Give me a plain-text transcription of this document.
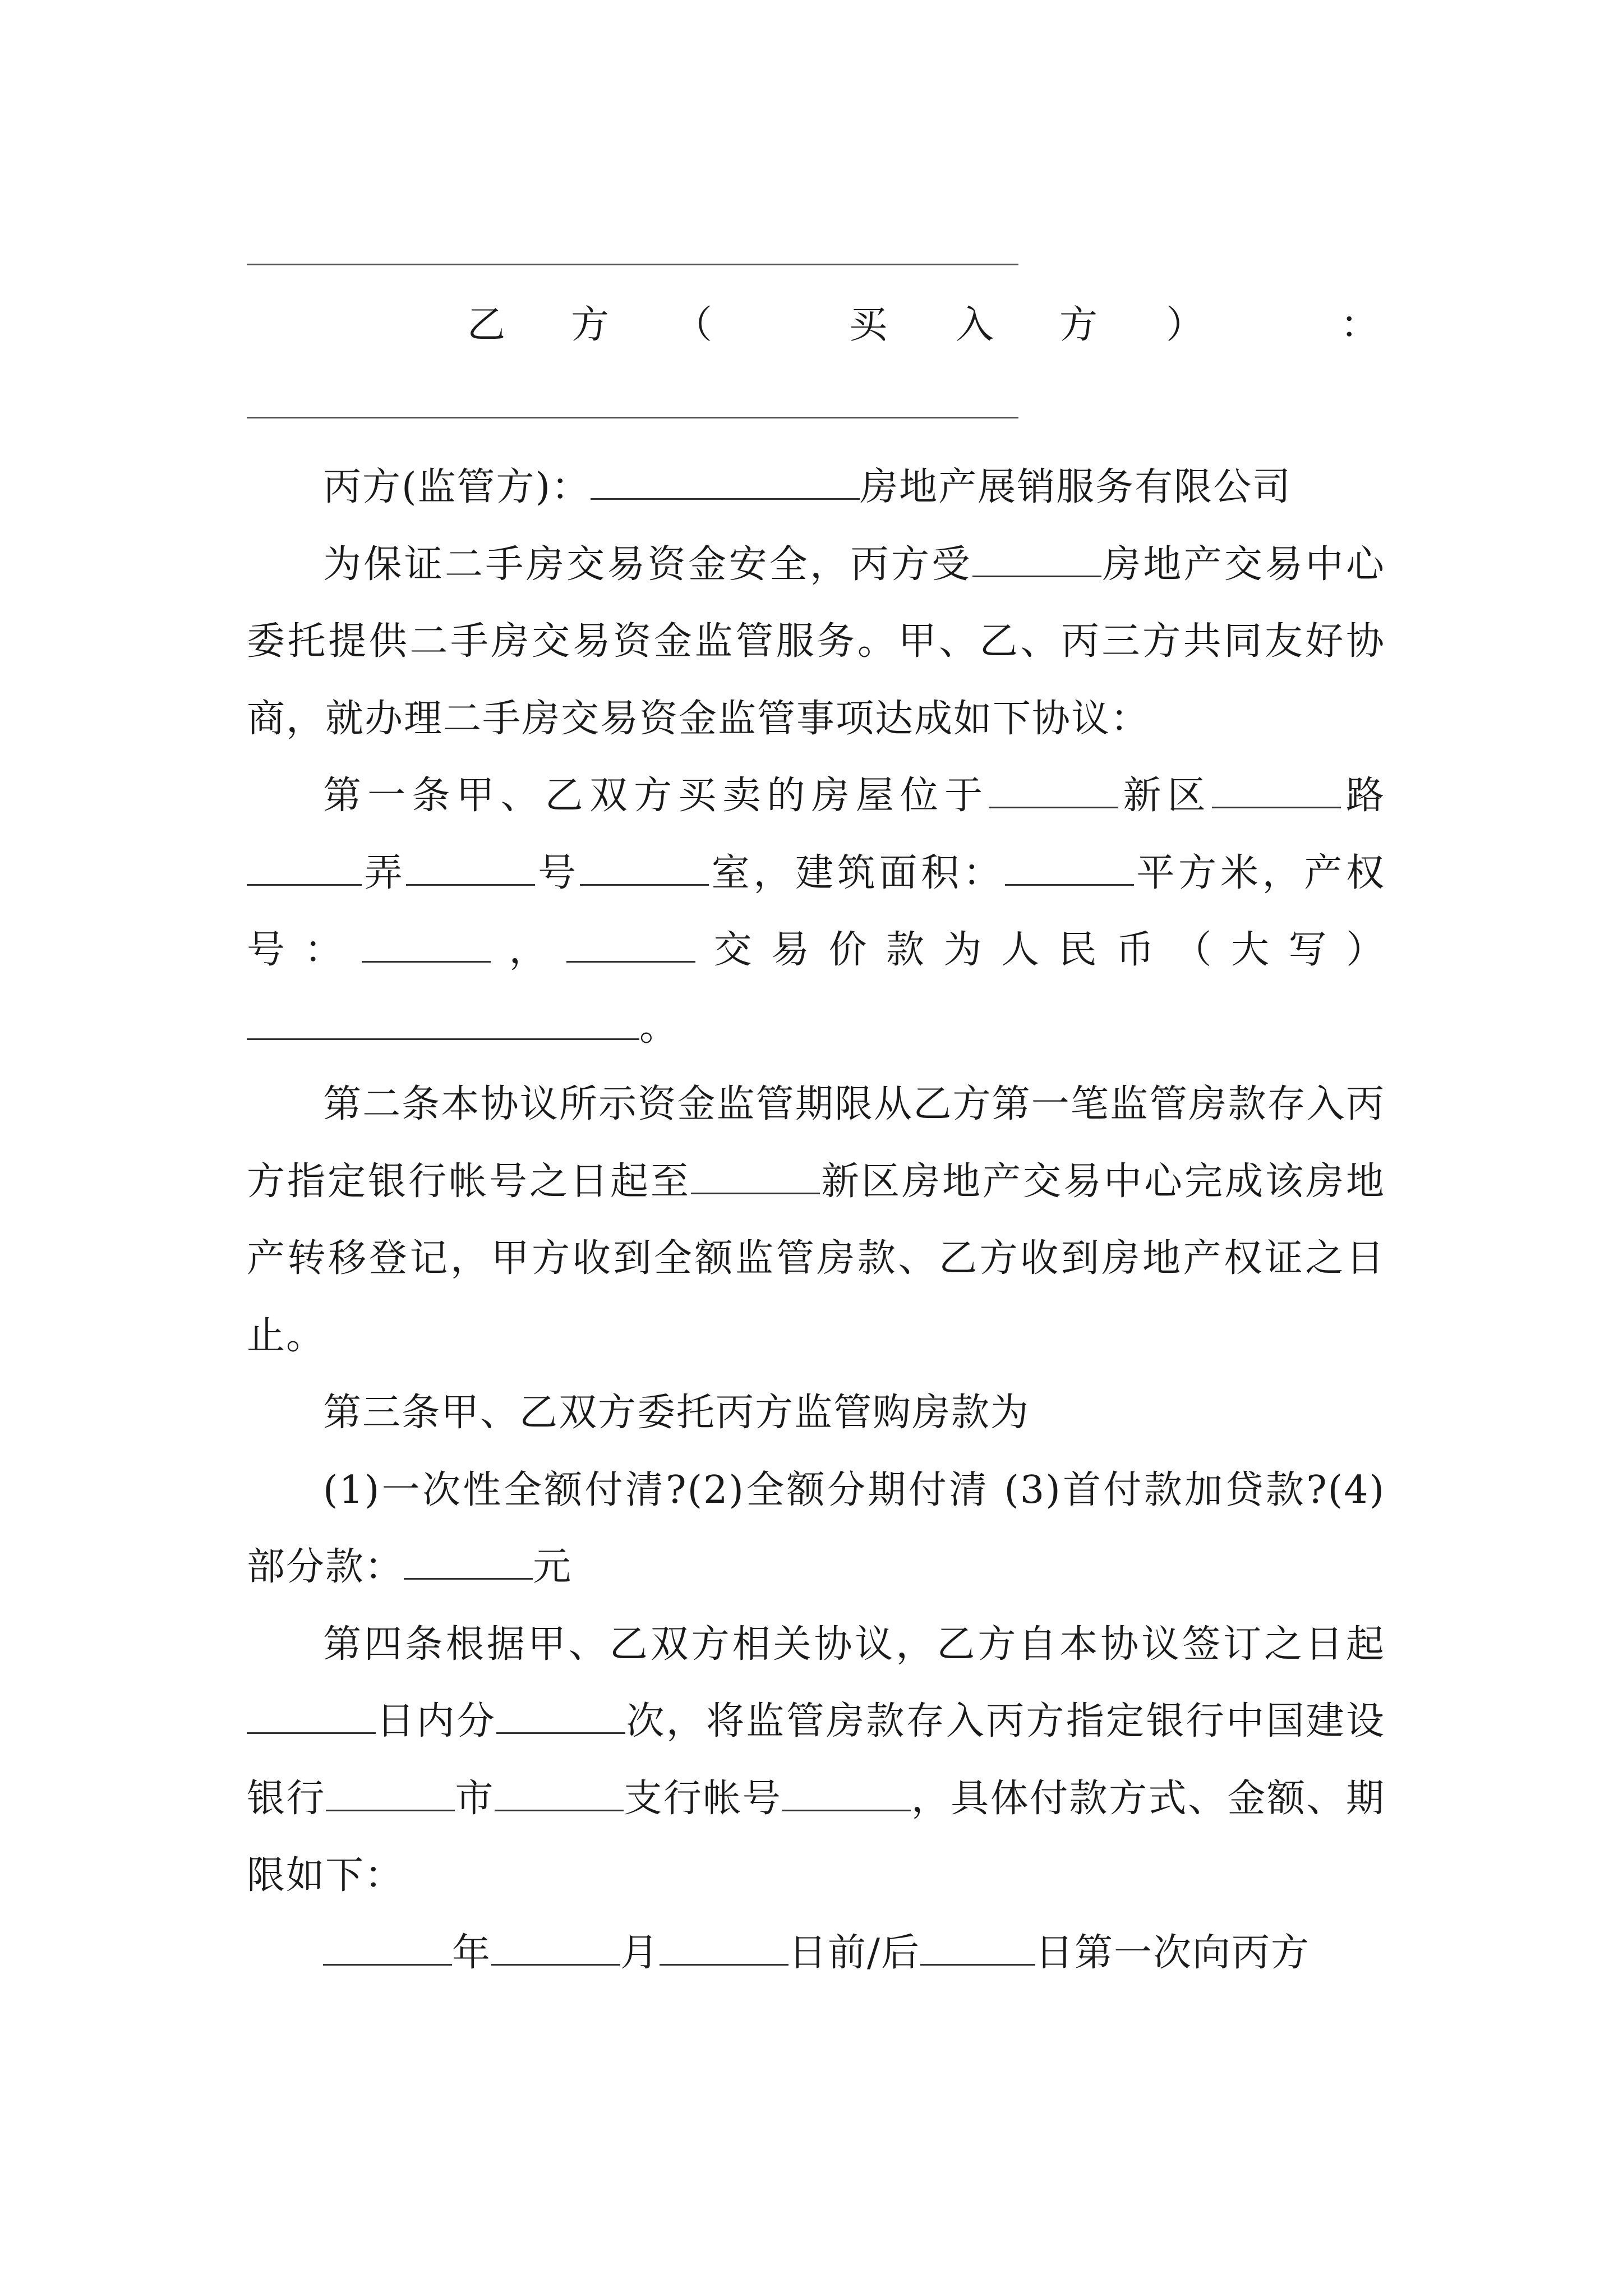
乙 方 （	买 入 方 ）	：

丙方(监管方)：	房地产展销服务有限公司

为保证二手房交易资金安全，丙方受	房地产交易中心委托提供二手房交易资金监管服务。甲、乙、丙三方共同友好协商，就办理二手房交易资金监管事项达成如下协议：

第一条甲、乙双方买卖的房屋位于	新区	路弄	号	室，建筑面积：	平方米，产权号：	，	交易价款为人民币（大写）。

第二条本协议所示资金监管期限从乙方第一笔监管房款存入丙方指定银行帐号之日起至	新区房地产交易中心完成该房地产转移登记，甲方收到全额监管房款、乙方收到房地产权证之日止。

第三条甲、乙双方委托丙方监管购房款为

(1)一次性全额付清?(2)全额分期付清 (3)首付款加贷款?(4)部分款：	元

第四条根据甲、乙双方相关协议，乙方自本协议签订之日起日内分	次，将监管房款存入丙方指定银行中国建设银行	市	支行帐号	，具体付款方式、金额、期限如下：

年	月	日前/后	日第一次向丙方
